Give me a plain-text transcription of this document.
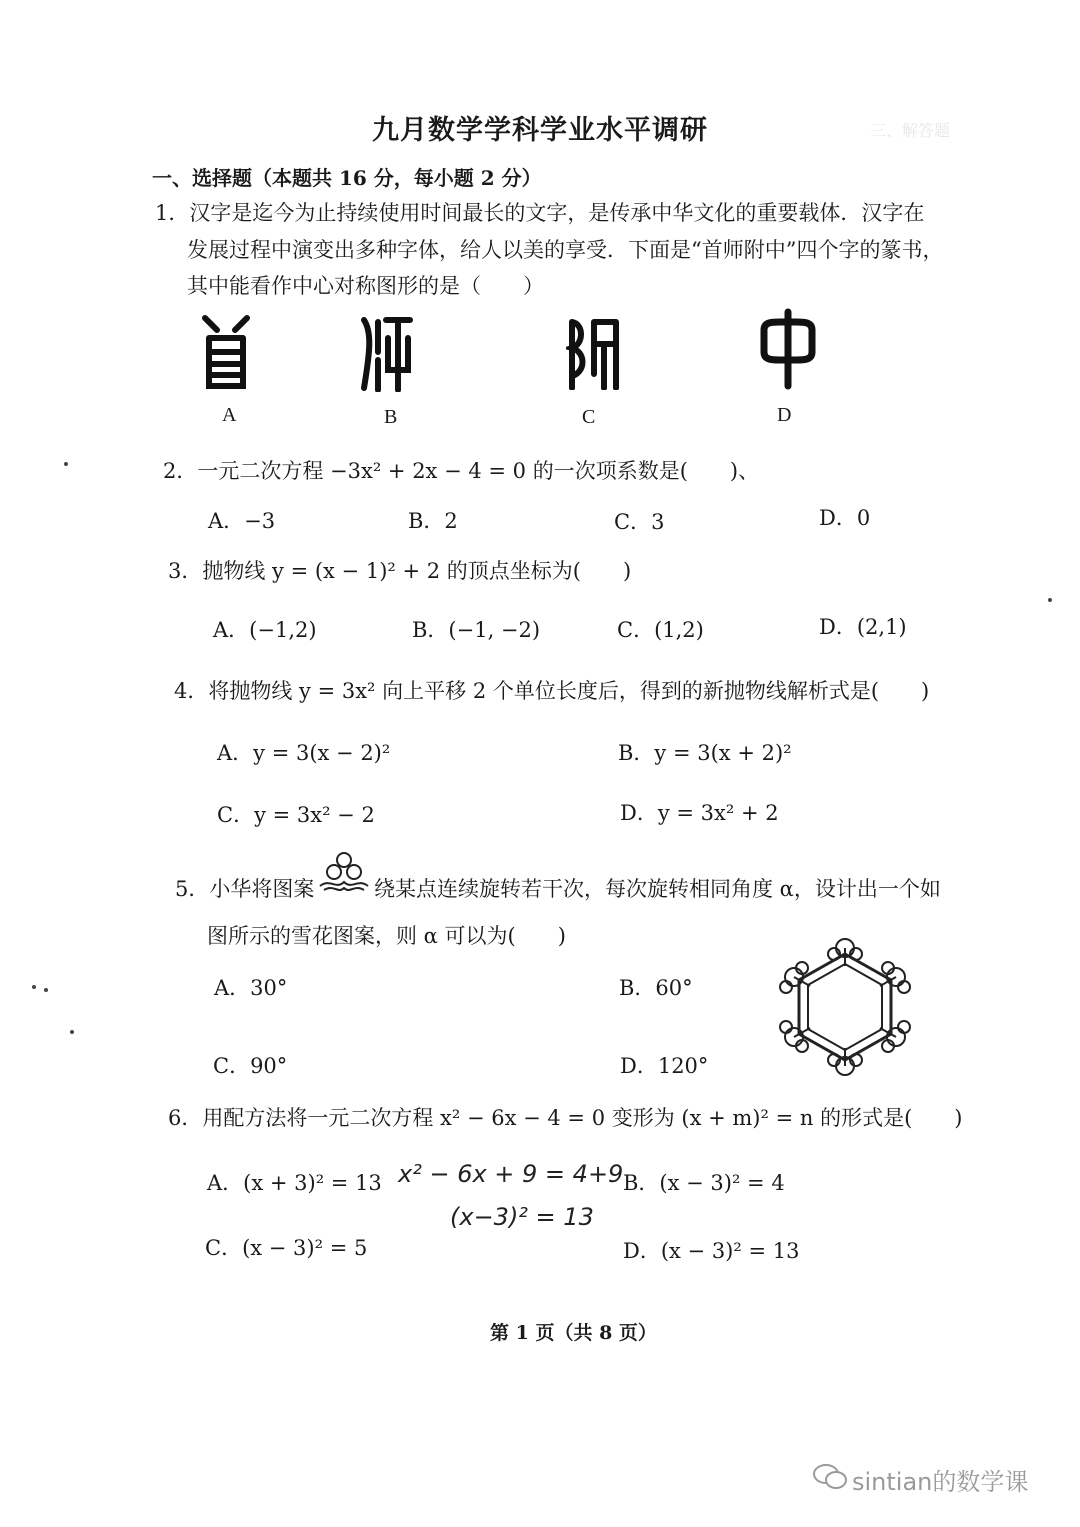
三、解答题
九月数学学科学业水平调研
一、选择题（本题共 16 分，每小题 2 分）
1．汉字是迄今为止持续使用时间最长的文字，是传承中华文化的重要载体．汉字在
发展过程中演变出多种字体，给人以美的享受．下面是“首师附中”四个字的篆书，
其中能看作中心对称图形的是（　　）
A	B	C	D
2．一元二次方程 −3x² + 2x − 4 = 0 的一次项系数是(　　)、
A．−3	B．2	C．3	D．0
3．抛物线 y = (x − 1)² + 2 的顶点坐标为(　　)
A．(−1,2)	B．(−1, −2)	C．(1,2)	D．(2,1)
4．将抛物线 y = 3x² 向上平移 2 个单位长度后，得到的新抛物线解析式是(　　)
A．y = 3(x − 2)²	B．y = 3(x + 2)²
C．y = 3x² − 2	D．y = 3x² + 2
5．小华将图案	绕某点连续旋转若干次，每次旋转相同角度 α，设计出一个如
图所示的雪花图案，则 α 可以为(　　)
A．30°	B．60°
C．90°	D．120°
6．用配方法将一元二次方程 x² − 6x − 4 = 0 变形为 (x + m)² = n 的形式是(　　)
A．(x + 3)² = 13	B．(x − 3)² = 4
C．(x − 3)² = 5	D．(x − 3)² = 13
x² − 6x + 9 = 4+9
(x−3)² = 13
第 1 页（共 8 页）
sintian的数学课
